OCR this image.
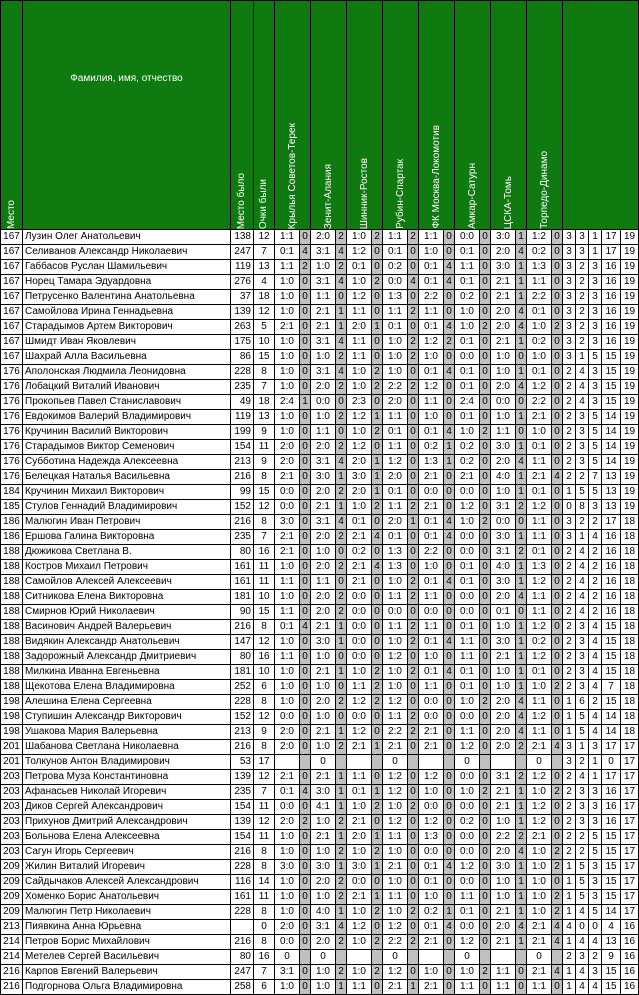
Место	Фамилия, имя, отчество	Место было	Очки были	Крылья Советов-Терек		Зенит-Алания		Шинник-Ростов		Рубин-Спартак		ФК Москва-Локомотив		Амкар-Сатурн		ЦСКА-Томь		Торпедо-Динамо						

167	Лузин Олег Анатольевич	138	12	1:1	0	2:0	2	1:0	2	1:1	2	1:1	0	0:0	0	3:0	1	1:2	0	3	3	1	17	19
167	Селиванов Александр Николаевич	247	7	0:1	4	3:1	4	1:2	0	0:1	0	1:0	0	0:1	0	2:0	4	0:2	0	3	3	1	17	19
167	Габбасов Руслан Шамильевич	119	13	1:1	2	1:0	2	0:1	0	0:2	0	0:1	4	1:1	0	3:0	1	1:3	0	3	2	3	16	19
167	Норец Тамара Эдуардовна	276	4	1:0	0	3:1	4	1:0	2	0:0	4	0:1	4	0:1	0	2:1	1	1:1	0	3	2	3	16	19
167	Петрусенко Валентина Анатольевна	37	18	1:0	0	1:1	0	1:2	0	1:3	0	2:2	0	0:2	0	2:1	1	2:2	0	3	2	3	16	19
167	Самойлова Ирина Геннадьевна	139	12	1:0	0	2:1	1	1:1	0	1:1	2	1:1	0	1:0	0	2:0	4	0:1	0	3	2	3	16	19
167	Старадымов Артем Викторович	263	5	2:1	0	2:1	1	2:0	1	0:1	0	0:1	4	1:0	2	2:0	4	1:0	2	3	2	3	16	19
167	Шмидт Иван Яковлевич	175	10	1:0	0	3:1	4	1:1	0	1:0	2	1:2	2	0:1	0	2:1	1	0:2	0	3	2	3	16	19
167	Шахрай Алла Васильевна	86	15	1:0	0	1:0	2	1:1	0	1:0	2	1:0	0	0:0	0	1:0	0	1:0	0	3	1	5	15	19
176	Аполонская Людмила Леонидовна	228	8	1:0	0	3:1	4	1:0	2	1:0	0	0:1	4	0:1	0	1:0	1	0:1	0	2	4	3	15	19
176	Лобацкий Виталий Иванович	235	7	1:0	0	2:0	2	1:0	2	2:2	2	1:2	0	0:1	0	2:0	4	1:2	0	2	4	3	15	19
176	Прокопьев Павел Станиславович	49	18	2:4	1	0:0	0	2:3	0	2:0	0	1:1	0	2:4	0	0:0	0	2:2	0	2	4	3	15	19
176	Евдокимов Валерий Владимирович	119	13	1:0	0	1:0	2	1:2	1	1:1	0	1:0	0	0:1	0	1:0	1	2:1	0	2	3	5	14	19
176	Кручинин Василий Викторович	199	9	1:0	0	1:1	0	1:0	2	0:1	0	0:1	4	1:0	2	1:1	0	1:0	0	2	3	5	14	19
176	Старадымов Виктор Семенович	154	11	2:0	0	2:0	2	1:2	0	1:1	0	0:2	1	0:2	0	3:0	1	0:1	0	2	3	5	14	19
176	Субботина Надежда Алексеевна	213	9	2:0	0	3:1	4	2:0	1	1:2	0	1:3	1	0:2	0	2:0	4	1:1	0	2	3	5	14	19
176	Белецкая Наталья Васильевна	216	8	2:1	0	3:0	1	3:0	1	2:0	0	2:1	0	2:1	0	4:0	1	2:1	4	2	2	7	13	19
184	Кручинин Михаил Викторович	99	15	0:0	0	2:0	2	2:0	1	0:1	0	0:0	0	0:0	0	1:0	1	0:1	0	1	5	5	13	19
185	Стулов Геннадий Владимирович	152	12	0:0	0	2:1	1	1:0	2	1:1	2	2:1	0	1:2	0	3:1	2	1:2	0	0	8	3	13	19
186	Малюгин Иван Петрович	216	8	3:0	0	3:1	4	0:1	0	2:0	1	0:1	4	1:0	2	0:0	0	1:1	0	3	2	2	17	18
186	Ершова Галина Викторовна	235	7	2:1	0	2:0	2	2:1	4	0:1	0	0:1	4	0:0	0	3:0	1	1:1	0	3	1	4	16	18
188	Дюжикова Светлана В.	80	16	2:1	0	1:0	0	0:2	0	1:3	0	2:2	0	0:0	0	3:1	2	0:1	0	2	4	2	16	18
188	Костров Михаил Петрович	161	11	1:0	0	2:0	2	2:1	4	1:3	0	1:0	0	0:1	0	4:0	1	1:3	0	2	4	2	16	18
188	Самойлов Алексей Алексеевич	161	11	1:1	0	1:1	0	2:1	0	1:0	2	0:1	4	0:1	0	3:0	1	1:2	0	2	4	2	16	18
188	Ситникова Елена Викторовна	181	10	1:0	0	2:0	2	0:0	0	1:1	2	1:1	0	0:0	0	2:0	4	1:1	0	2	4	2	16	18
188	Смирнов Юрий Николаевич	90	15	1:1	0	2:0	2	0:0	0	0:0	0	0:0	0	0:0	0	0:1	0	1:1	0	2	4	2	16	18
188	Васинович Андрей Валерьевич	216	8	0:1	4	2:1	1	0:0	0	1:1	2	1:1	0	0:1	0	1:0	1	1:2	0	2	3	4	15	18
188	Видякин Александр Анатольевич	147	12	1:0	0	3:0	1	0:0	0	1:0	2	0:1	4	1:1	0	3:0	1	0:2	0	2	3	4	15	18
188	Задорожный Александр Дмитриевич	80	16	1:1	0	1:0	0	0:0	0	1:2	0	1:0	0	1:1	0	2:1	1	1:2	0	2	3	4	15	18
188	Милкина Иванна Евгеньевна	181	10	1:0	0	2:1	1	1:0	2	1:0	2	0:1	4	0:1	0	1:0	1	0:1	0	2	3	4	15	18
188	Щекотова Елена Владимировна	252	6	1:0	0	1:0	0	1:1	2	1:0	0	1:1	0	0:1	0	1:0	1	1:0	2	2	3	4	7	18
198	Алешина Елена Сергеевна	228	8	1:0	0	2:0	2	1:2	2	1:2	0	0:0	0	1:0	2	2:0	4	1:1	0	1	6	2	15	18
198	Ступишин Александр Викторович	152	12	0:0	0	1:0	0	0:0	0	1:1	2	0:0	0	0:0	0	2:0	4	1:2	0	1	5	4	14	18
198	Ушакова Мария Валерьевна	213	9	2:0	0	2:1	1	1:2	0	2:2	2	2:1	0	1:1	0	2:0	4	1:1	0	1	5	4	14	18
201	Шабанова Светлана Николаевна	216	8	2:0	0	1:0	2	2:1	1	2:1	0	2:1	0	1:2	0	2:0	2	2:1	4	3	1	3	17	17
201	Толкунов Антон Владимирович	53	17			0				0				0				0		3	2	1	0	17
203	Петрова Муза Константиновна	139	12	2:1	0	2:1	1	1:1	0	1:2	0	1:2	0	0:0	0	3:1	2	1:2	0	2	4	1	17	17
203	Афанасьев Николай Игоревич	235	7	0:1	4	3:0	1	0:1	1	1:2	0	1:0	0	1:0	2	2:1	1	1:0	2	2	3	3	16	17
203	Диков Сергей Александрович	154	11	0:0	0	4:1	1	1:0	2	1:0	2	0:0	0	0:0	0	2:1	1	1:2	0	2	3	3	16	17
203	Прихунов Дмитрий Александрович	139	12	2:0	2	1:0	2	2:1	0	1:2	0	1:2	0	0:2	0	1:0	1	1:2	0	2	3	3	16	17
203	Больнова Елена Алексеевна	154	11	1:0	0	2:1	1	2:0	1	1:1	0	1:3	0	0:0	0	2:2	2	2:1	0	2	2	5	15	17
203	Сагун Игорь Сергеевич	216	8	1:0	0	1:0	2	1:0	2	1:0	0	0:0	0	0:0	0	2:0	4	1:0	2	2	2	5	15	17
209	Жилин Виталий Игоревич	228	8	3:0	0	3:0	1	3:0	1	2:1	0	0:1	4	1:2	0	3:0	1	1:0	2	1	5	3	15	17
209	Сайдычаков Алексей Александрович	116	14	1:0	0	2:0	2	0:0	0	1:0	0	0:1	0	0:0	0	1:0	1	1:0	0	1	5	3	15	17
209	Хоменко Борис Анатольевич	161	11	1:0	0	1:0	2	2:1	1	1:1	0	1:0	0	1:1	0	1:0	1	1:0	2	1	5	3	15	17
209	Малюгин Петр Николаевич	228	8	1:0	0	4:0	1	1:0	2	1:0	2	0:2	1	0:1	0	2:1	1	1:0	2	1	4	5	14	17
213	Пиявкина Анна Юрьевна		0	2:0	0	3:1	4	1:2	0	1:2	0	0:1	4	0:0	0	2:0	4	2:1	4	4	0	0	4	16
214	Петров Борис Михайлович	216	8	0:0	0	2:0	2	1:0	2	2:2	2	2:1	0	1:2	0	2:1	1	2:1	4	1	4	4	13	16
214	Метелев Сергей Васильевич	80	16	0		0				0				0				0		2	3	2	9	16
216	Карпов Евгений Валерьевич	247	7	3:1	0	1:0	2	1:0	2	1:2	0	1:0	0	1:0	2	1:1	0	2:1	4	1	4	3	15	16
216	Подгорнова Ольга Владимировна	258	6	1:0	0	1:0	1	1:1	0	2:1	1	2:1	0	1:1	0	1:1	0	1:1	0	1	4	4	15	16
